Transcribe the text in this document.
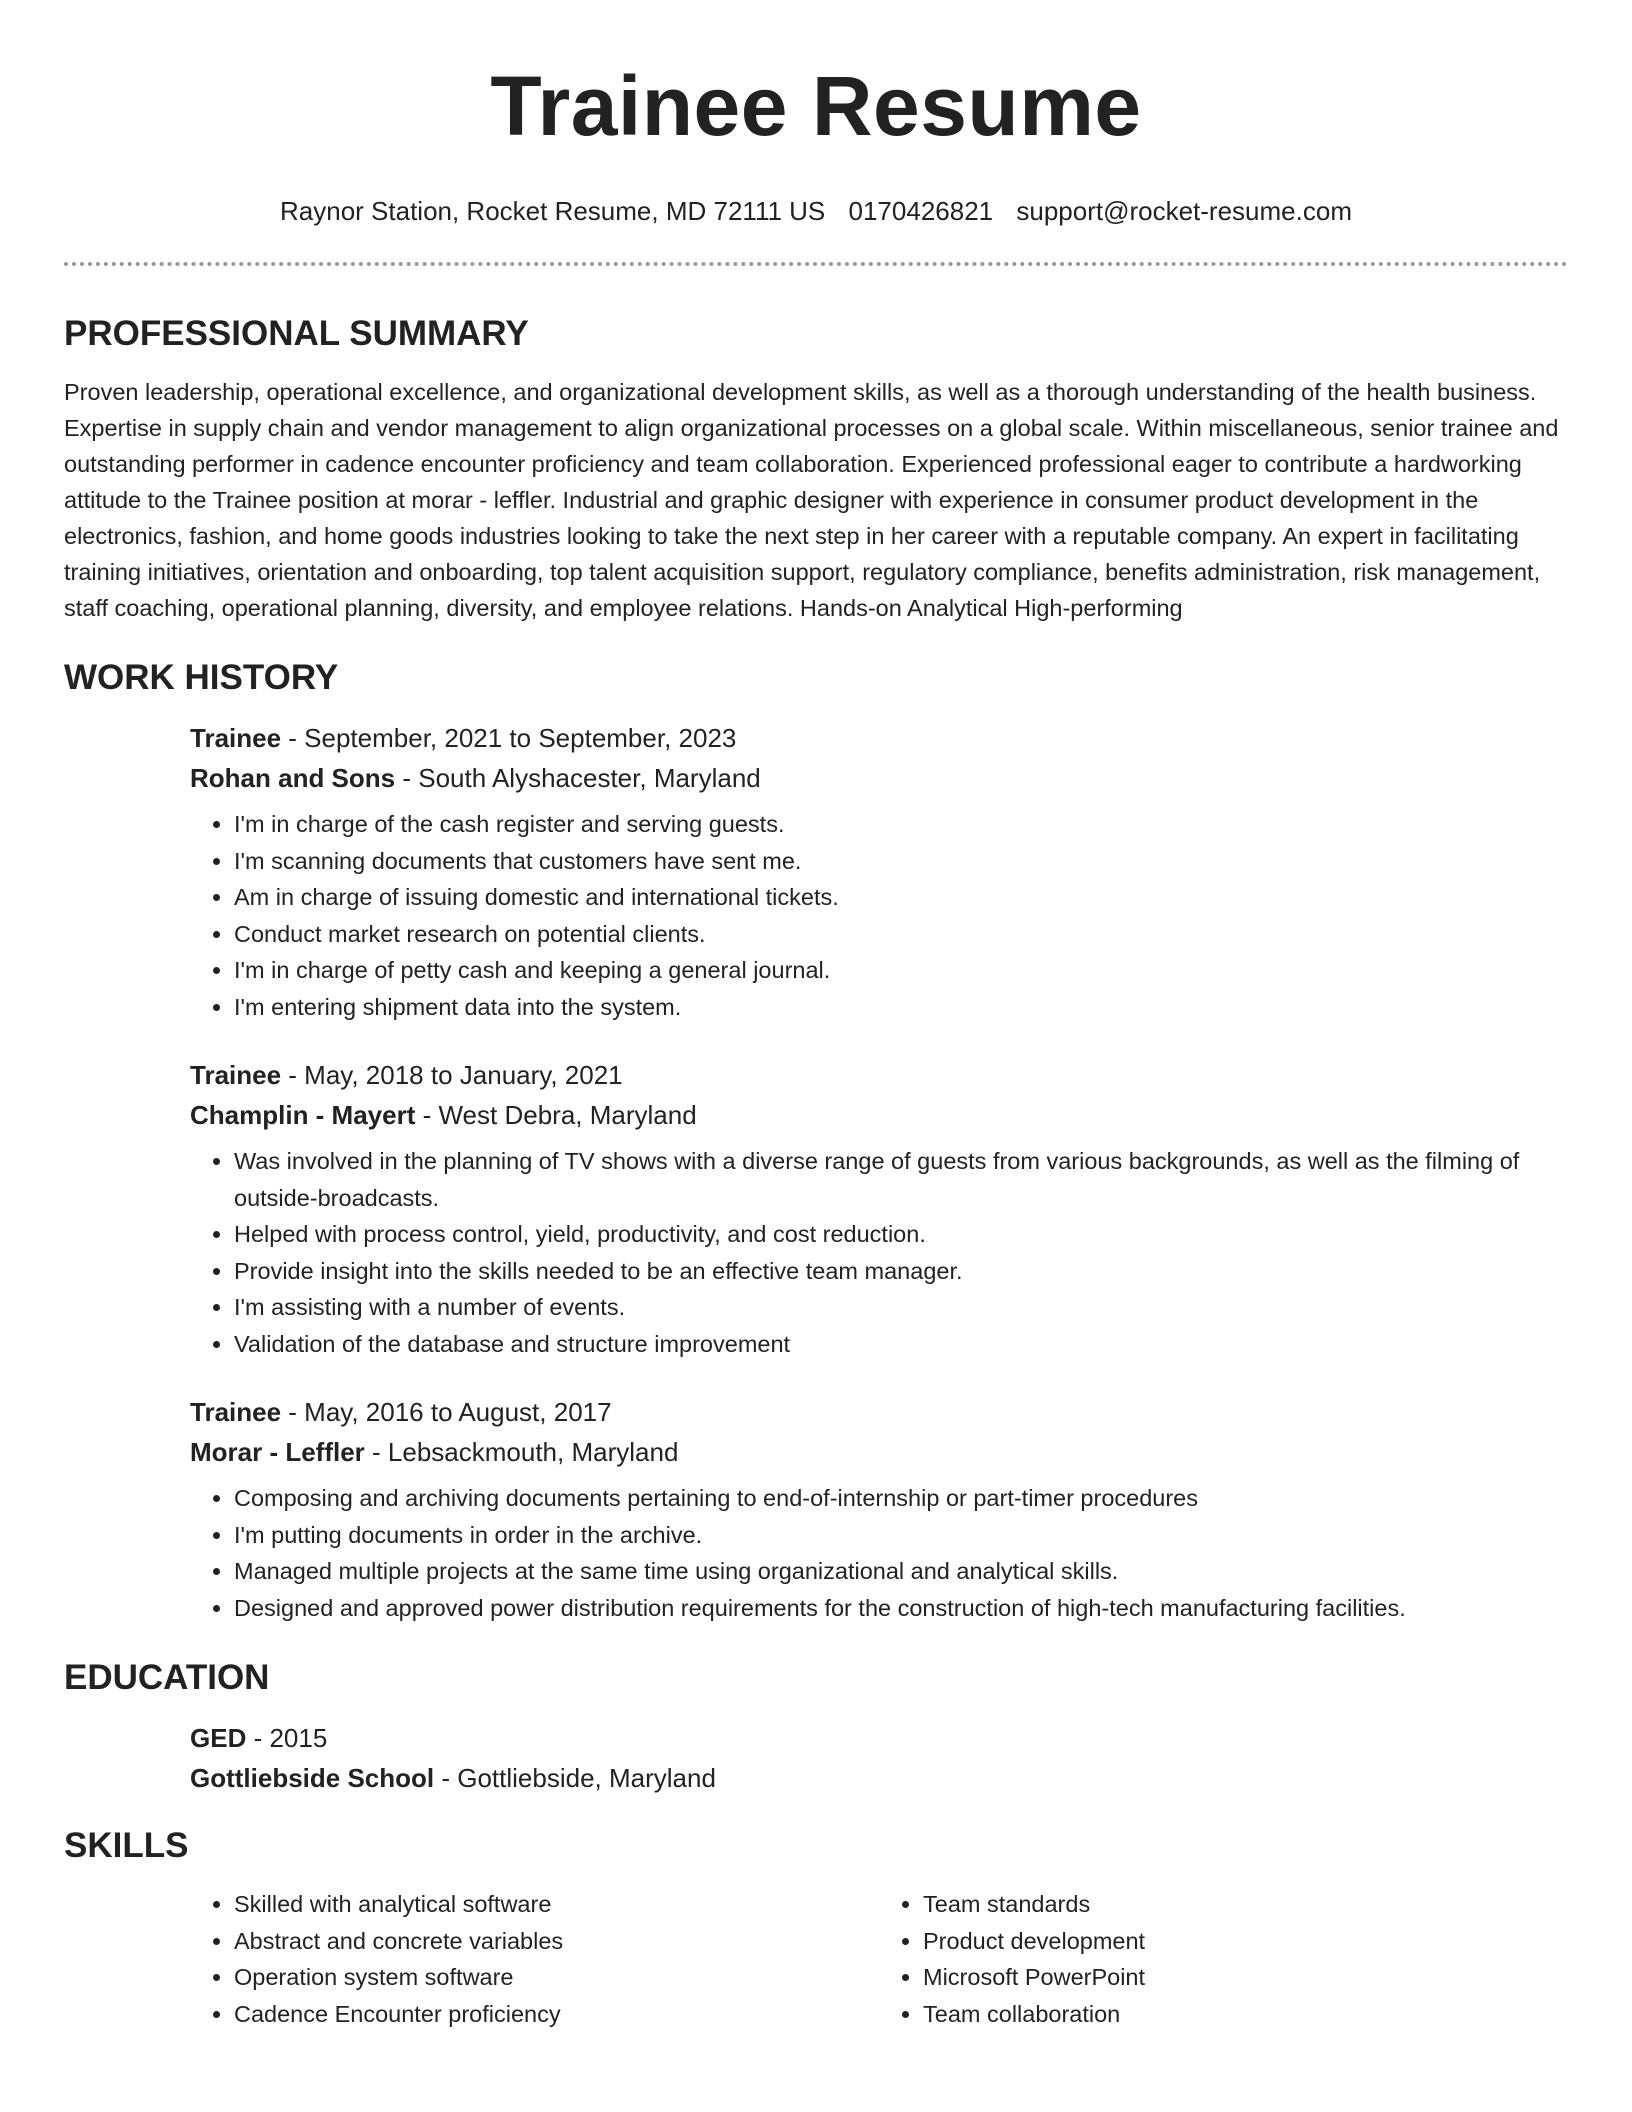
Trainee Resume
Raynor Station, Rocket Resume, MD 72111 US 0170426821 support@rocket-resume.com
PROFESSIONAL SUMMARY

Proven leadership, operational excellence, and organizational development skills, as well as a thorough understanding of the health business. Expertise in supply chain and vendor management to align organizational processes on a global scale. Within miscellaneous, senior trainee and outstanding performer in cadence encounter proficiency and team collaboration. Experienced professional eager to contribute a hardworking attitude to the Trainee position at morar - leffler. Industrial and graphic designer with experience in consumer product development in the electronics, fashion, and home goods industries looking to take the next step in her career with a reputable company. An expert in facilitating training initiatives, orientation and onboarding, top talent acquisition support, regulatory compliance, benefits administration, risk management, staff coaching, operational planning, diversity, and employee relations. Hands-on Analytical High-performing

WORK HISTORY
Trainee - September, 2021 to September, 2023
Rohan and Sons - South Alyshacester, Maryland
• I'm in charge of the cash register and serving guests.
• I'm scanning documents that customers have sent me.
• Am in charge of issuing domestic and international tickets.
• Conduct market research on potential clients.
• I'm in charge of petty cash and keeping a general journal.
• I'm entering shipment data into the system.
Trainee - May, 2018 to January, 2021
Champlin - Mayert - West Debra, Maryland
• Was involved in the planning of TV shows with a diverse range of guests from various backgrounds, as well as the filming of outside-broadcasts.
• Helped with process control, yield, productivity, and cost reduction.
• Provide insight into the skills needed to be an effective team manager.
• I'm assisting with a number of events.
• Validation of the database and structure improvement
Trainee - May, 2016 to August, 2017
Morar - Leffler - Lebsackmouth, Maryland
• Composing and archiving documents pertaining to end-of-internship or part-timer procedures
• I'm putting documents in order in the archive.
• Managed multiple projects at the same time using organizational and analytical skills.
• Designed and approved power distribution requirements for the construction of high-tech manufacturing facilities.
EDUCATION
GED - 2015
Gottliebside School - Gottliebside, Maryland
SKILLS
• Skilled with analytical software
• Abstract and concrete variables
• Operation system software
• Cadence Encounter proficiency
• Team standards
• Product development
• Microsoft PowerPoint
• Team collaboration
